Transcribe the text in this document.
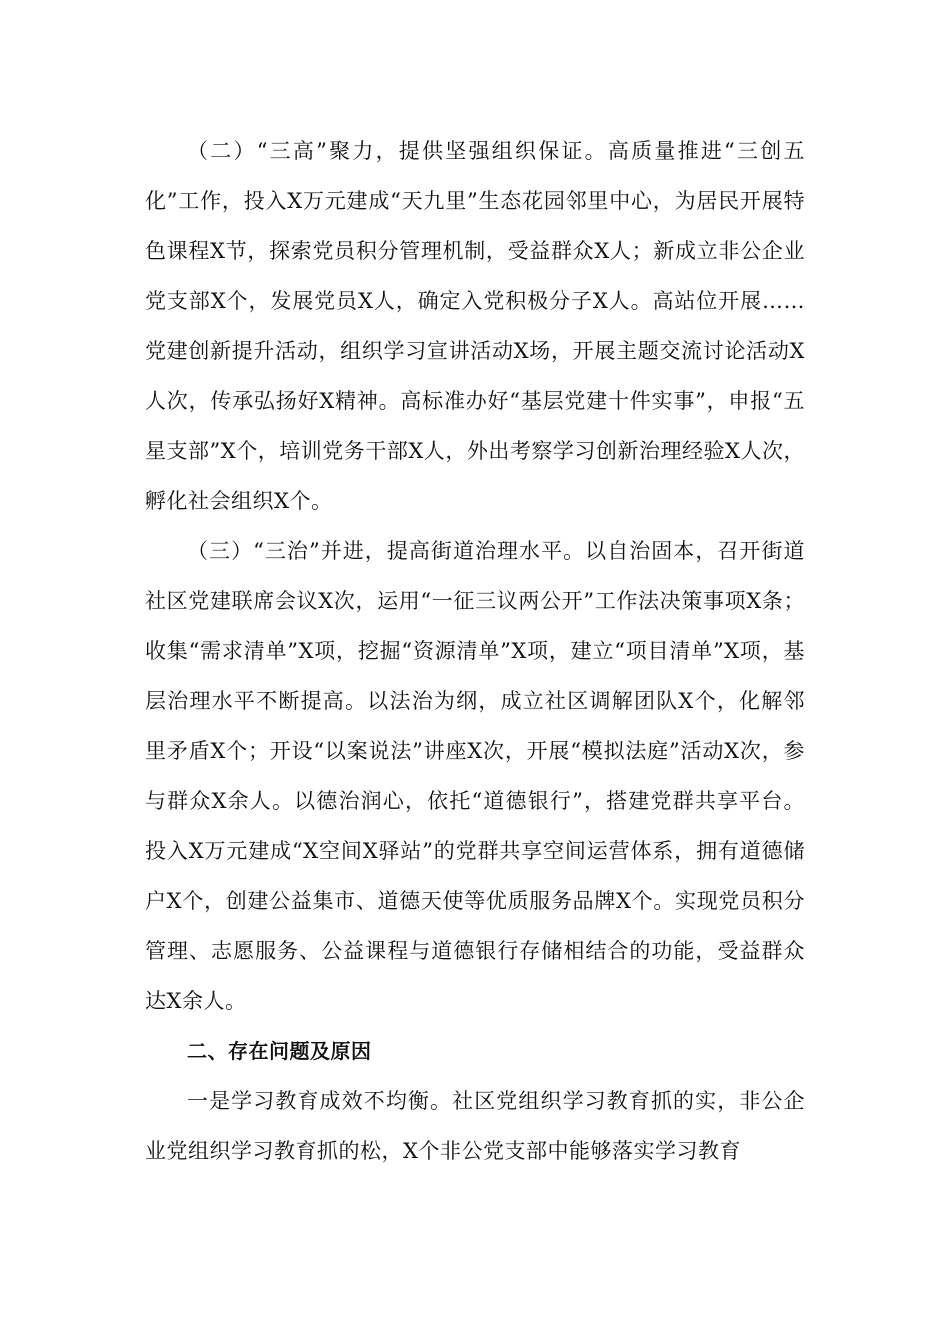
（二）“三高”聚力，提供坚强组织保证。高质量推进“三创五化”工作，投入X万元建成“天九里”生态花园邻里中心，为居民开展特色课程X节，探索党员积分管理机制，受益群众X人；新成立非公企业党支部X个，发展党员X人，确定入党积极分子X人。高站位开展……党建创新提升活动，组织学习宣讲活动X场，开展主题交流讨论活动X人次，传承弘扬好X精神。高标准办好“基层党建十件实事”，申报“五星支部”X个，培训党务干部X人，外出考察学习创新治理经验X人次，孵化社会组织X个。

（三）“三治”并进，提高街道治理水平。以自治固本，召开街道社区党建联席会议X次，运用“一征三议两公开”工作法决策事项X条；收集“需求清单”X项，挖掘“资源清单”X项，建立“项目清单”X项，基层治理水平不断提高。以法治为纲，成立社区调解团队X个，化解邻里矛盾X个；开设“以案说法”讲座X次，开展“模拟法庭”活动X次，参与群众X余人。以德治润心，依托“道德银行”，搭建党群共享平台。投入X万元建成“X空间X驿站”的党群共享空间运营体系，拥有道德储户X个，创建公益集市、道德天使等优质服务品牌X个。实现党员积分管理、志愿服务、公益课程与道德银行存储相结合的功能，受益群众达X余人。

二、存在问题及原因

一是学习教育成效不均衡。社区党组织学习教育抓的实，非公企业党组织学习教育抓的松，X个非公党支部中能够落实学习教育
